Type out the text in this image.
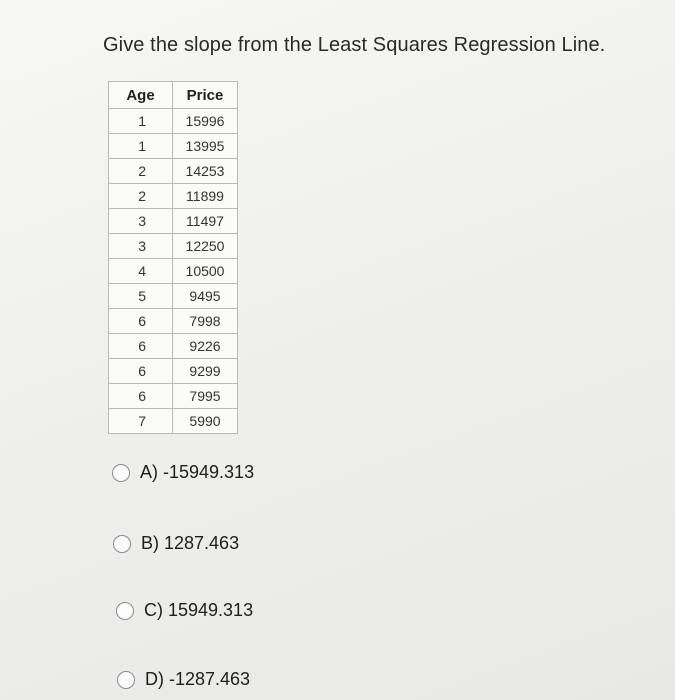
Give the slope from the Least Squares Regression Line.
Age	Price
1	15996
1	13995
2	14253
2	11899
3	11497
3	12250
4	10500
5	9495
6	7998
6	9226
6	9299
6	7995
7	5990
A) -15949.313
B) 1287.463
C) 15949.313
D) -1287.463
